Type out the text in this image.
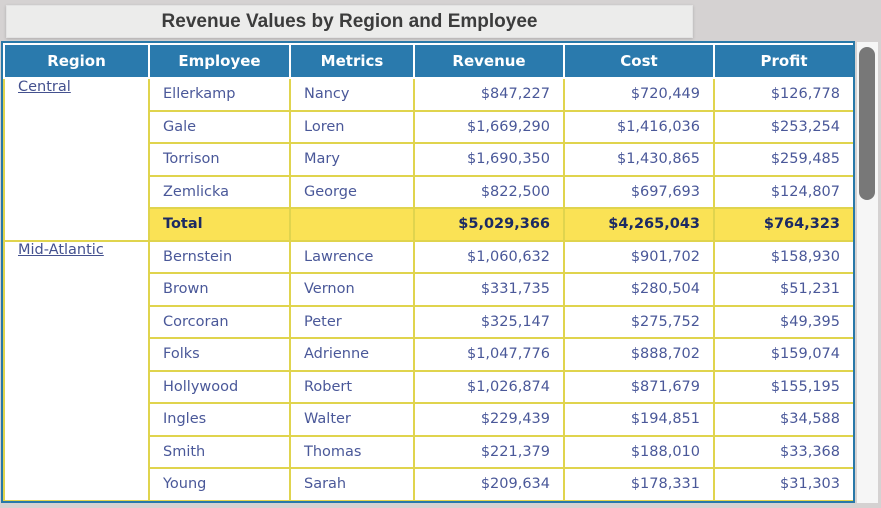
Revenue Values by Region and Employee
Region	Employee	Metrics	Revenue	Cost	Profit
Central	Ellerkamp	Nancy	$847,227	$720,449	$126,778
	Gale	Loren	$1,669,290	$1,416,036	$253,254
	Torrison	Mary	$1,690,350	$1,430,865	$259,485
	Zemlicka	George	$822,500	$697,693	$124,807
	Total		$5,029,366	$4,265,043	$764,323
Mid-Atlantic	Bernstein	Lawrence	$1,060,632	$901,702	$158,930
	Brown	Vernon	$331,735	$280,504	$51,231
	Corcoran	Peter	$325,147	$275,752	$49,395
	Folks	Adrienne	$1,047,776	$888,702	$159,074
	Hollywood	Robert	$1,026,874	$871,679	$155,195
	Ingles	Walter	$229,439	$194,851	$34,588
	Smith	Thomas	$221,379	$188,010	$33,368
	Young	Sarah	$209,634	$178,331	$31,303
